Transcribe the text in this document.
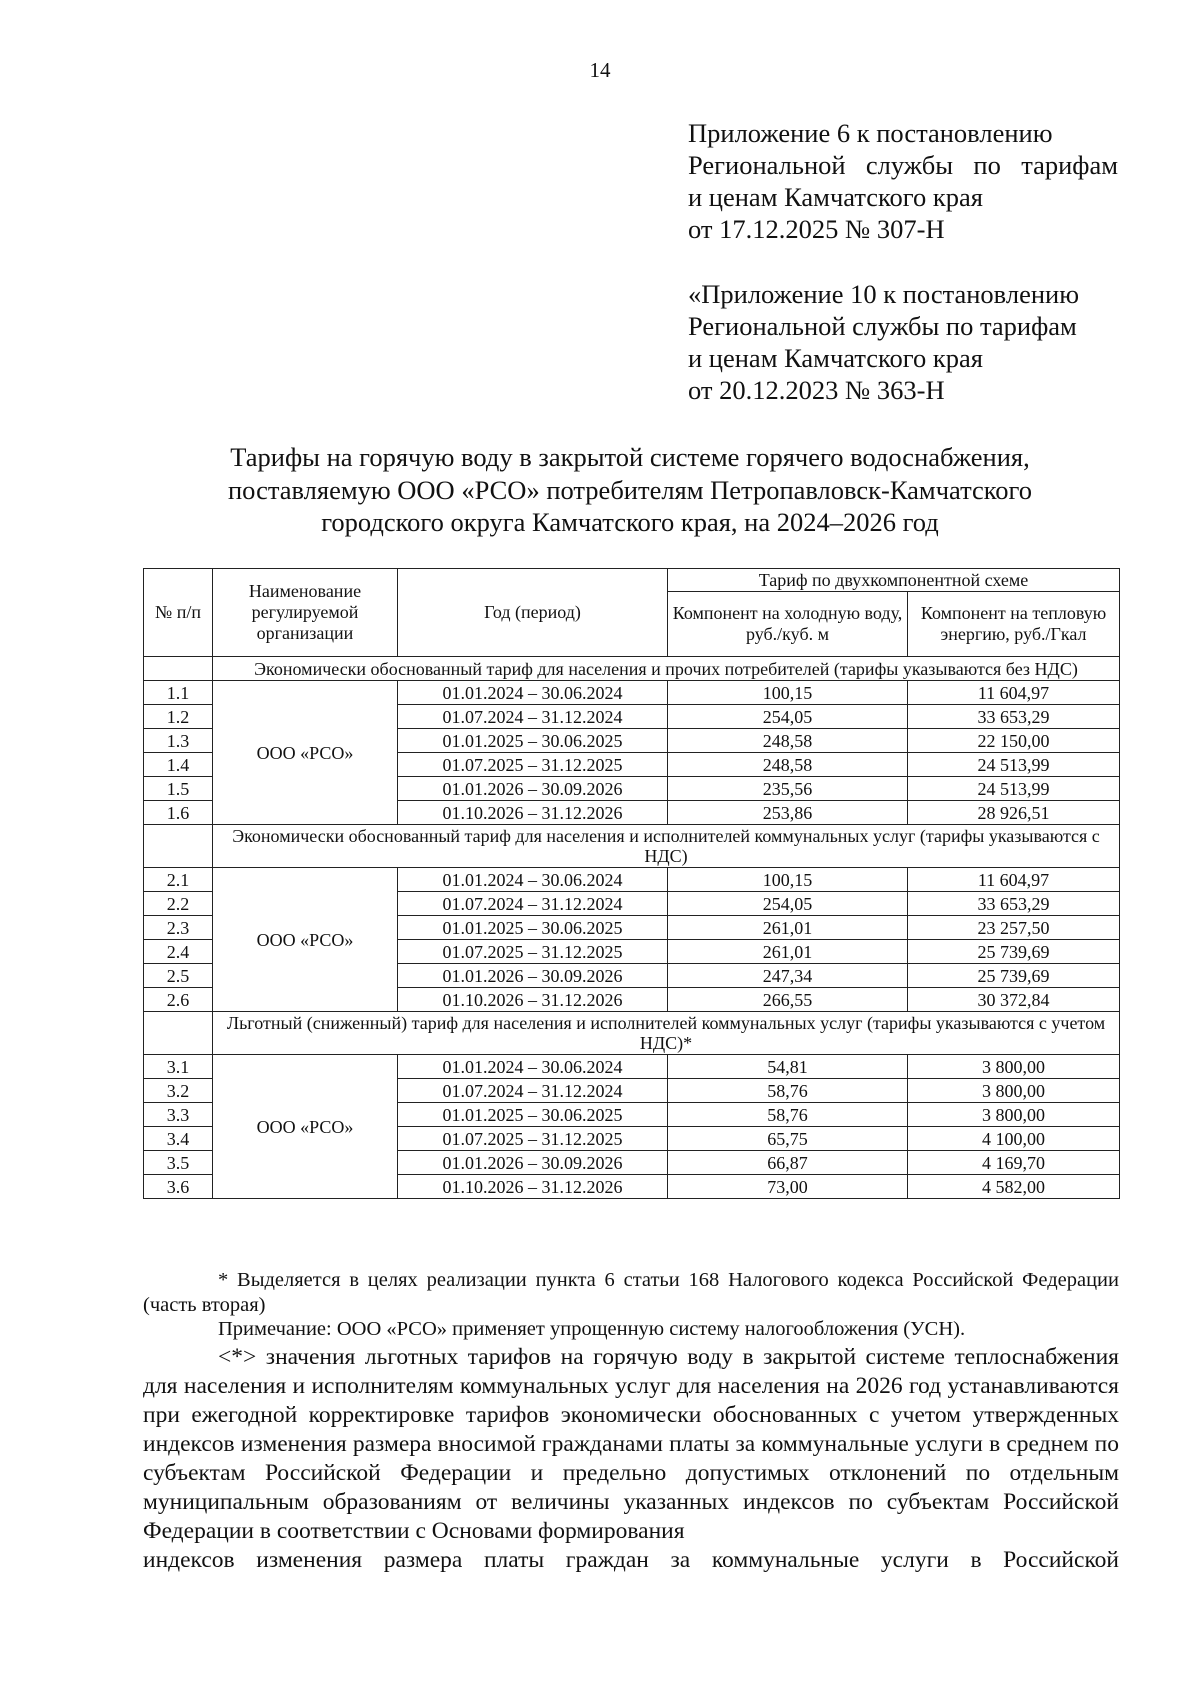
14
Приложение 6 к постановлению
Региональной службы по тарифам
и ценам Камчатского края
от 17.12.2025 № 307-Н
«Приложение 10 к постановлению
Региональной службы по тарифам
и ценам Камчатского края
от 20.12.2023 № 363-Н
Тарифы на горячую воду в закрытой системе горячего водоснабжения,
поставляемую ООО «РСО» потребителям Петропавловск-Камчатского
городского округа Камчатского края, на 2024–2026 год
№ п/п	Наименование регулируемой организации	Год (период)	Тариф по двухкомпонентной схеме	
			Компонент на холодную воду, руб./куб. м	Компонент на тепловую энергию, руб./Гкал
	Экономически обоснованный тариф для населения и прочих потребителей (тарифы указываются без НДС)			
1.1	ООО «РСО»	01.01.2024 – 30.06.2024	100,15	11 604,97
1.2		01.07.2024 – 31.12.2024	254,05	33 653,29
1.3		01.01.2025 – 30.06.2025	248,58	22 150,00
1.4		01.07.2025 – 31.12.2025	248,58	24 513,99
1.5		01.01.2026 – 30.09.2026	235,56	24 513,99
1.6		01.10.2026 – 31.12.2026	253,86	28 926,51
	Экономически обоснованный тариф для населения и исполнителей коммунальных услуг (тарифы указываются с НДС)			
2.1	ООО «РСО»	01.01.2024 – 30.06.2024	100,15	11 604,97
2.2		01.07.2024 – 31.12.2024	254,05	33 653,29
2.3		01.01.2025 – 30.06.2025	261,01	23 257,50
2.4		01.07.2025 – 31.12.2025	261,01	25 739,69
2.5		01.01.2026 – 30.09.2026	247,34	25 739,69
2.6		01.10.2026 – 31.12.2026	266,55	30 372,84
	Льготный (сниженный) тариф для населения и исполнителей коммунальных услуг (тарифы указываются с учетом НДС)*			
3.1	ООО «РСО»	01.01.2024 – 30.06.2024	54,81	3 800,00
3.2		01.07.2024 – 31.12.2024	58,76	3 800,00
3.3		01.01.2025 – 30.06.2025	58,76	3 800,00
3.4		01.07.2025 – 31.12.2025	65,75	4 100,00
3.5		01.01.2026 – 30.09.2026	66,87	4 169,70
3.6		01.10.2026 – 31.12.2026	73,00	4 582,00

* Выделяется в целях реализации пункта 6 статьи 168 Налогового кодекса Российской Федерации (часть вторая)

Примечание: ООО «РСО» применяет упрощенную систему налогообложения (УСН).

<*> значения льготных тарифов на горячую воду в закрытой системе теплоснабжения для населения и исполнителям коммунальных услуг для населения на 2026 год устанавливаются при ежегодной корректировке тарифов экономически обоснованных с учетом утвержденных индексов изменения размера вносимой гражданами платы за коммунальные услуги в среднем по субъектам Российской Федерации и предельно допустимых отклонений по отдельным муниципальным образованиям от величины указанных индексов по субъектам Российской Федерации в соответствии с Основами формирования

индексов изменения размера платы граждан за коммунальные услуги в Российской
